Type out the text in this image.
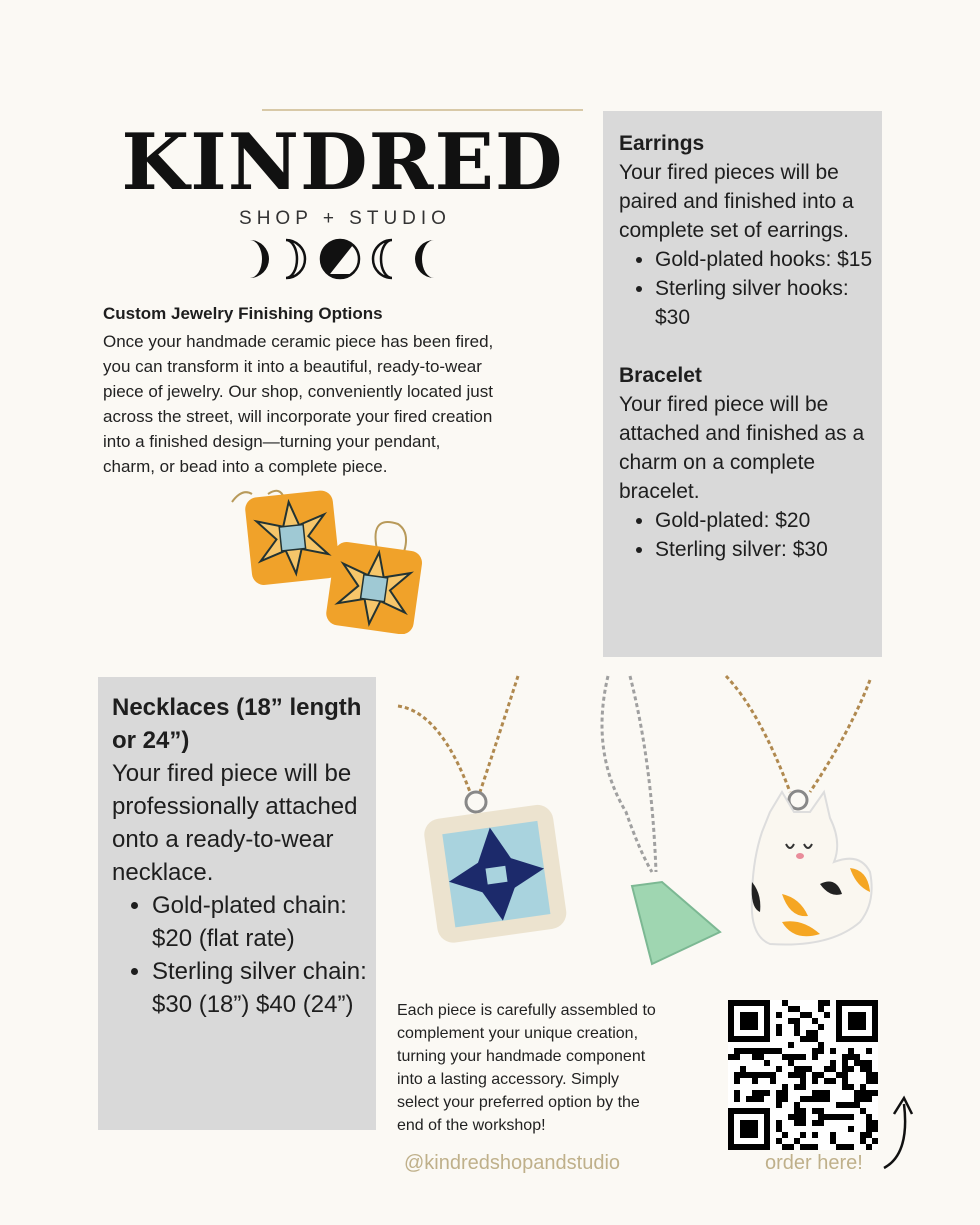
KINDRED
SHOP + STUDIO
Custom Jewelry Finishing Options
Once your handmade ceramic piece has been fired,
you can transform it into a beautiful, ready-to-wear
piece of jewelry. Our shop, conveniently located just
across the street, will incorporate your fired creation
into a finished design—turning your pendant,
charm, or bead into a complete piece.
Earrings
Your fired pieces will be paired and finished into a complete set of earrings.
• Gold-plated hooks: $15
• Sterling silver hooks: $30
Bracelet
Your fired piece will be attached and finished as a charm on a complete bracelet.
• Gold-plated: $20
• Sterling silver: $30
Necklaces (18” length or 24”)
Your fired piece will be professionally attached onto a ready-to-wear necklace.
• Gold-plated chain: $20 (flat rate)
• Sterling silver chain: $30 (18”) $40 (24”)	Each piece is carefully assembled to
complement your unique creation,
turning your handmade component
into a lasting accessory. Simply
select your preferred option by the
end of the workshop!
@kindredshopandstudio	order here!
